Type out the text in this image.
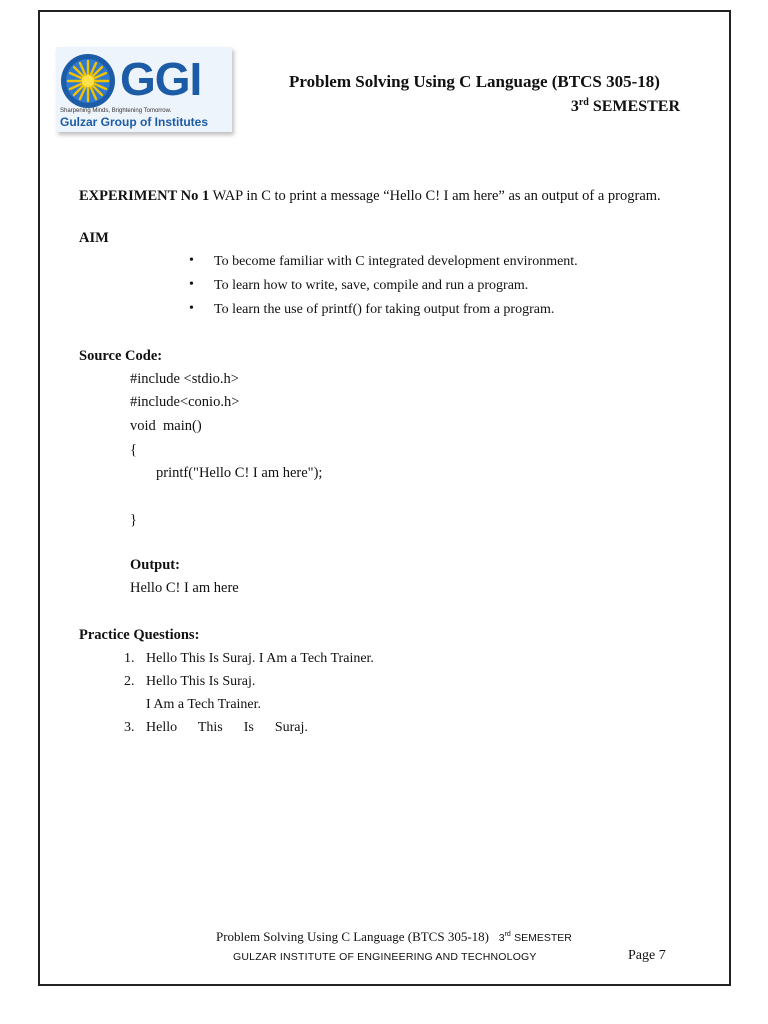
GGI
Sharpening Minds, Brightening Tomorrow.
Gulzar Group of Institutes
Problem Solving Using C Language (BTCS 305-18)
3rd SEMESTER
EXPERIMENT No 1 WAP in C to print a message “Hello C! I am here” as an output of a program.
AIM
• To become familiar with C integrated development environment.
• To learn how to write, save, compile and run a program.
• To learn the use of printf() for taking output from a program.
Source Code:
#include <stdio.h>
#include<conio.h>
void  main()
{
printf("Hello C! I am here");
}
Output:
Hello C! I am here
Practice Questions:
1. Hello This Is Suraj. I Am a Tech Trainer.
2. Hello This Is Suraj.
I Am a Tech Trainer.
3. Hello      This      Is      Suraj.
Problem Solving Using C Language (BTCS 305-18) 3rd SEMESTER
GULZAR INSTITUTE OF ENGINEERING AND TECHNOLOGY	Page 7
